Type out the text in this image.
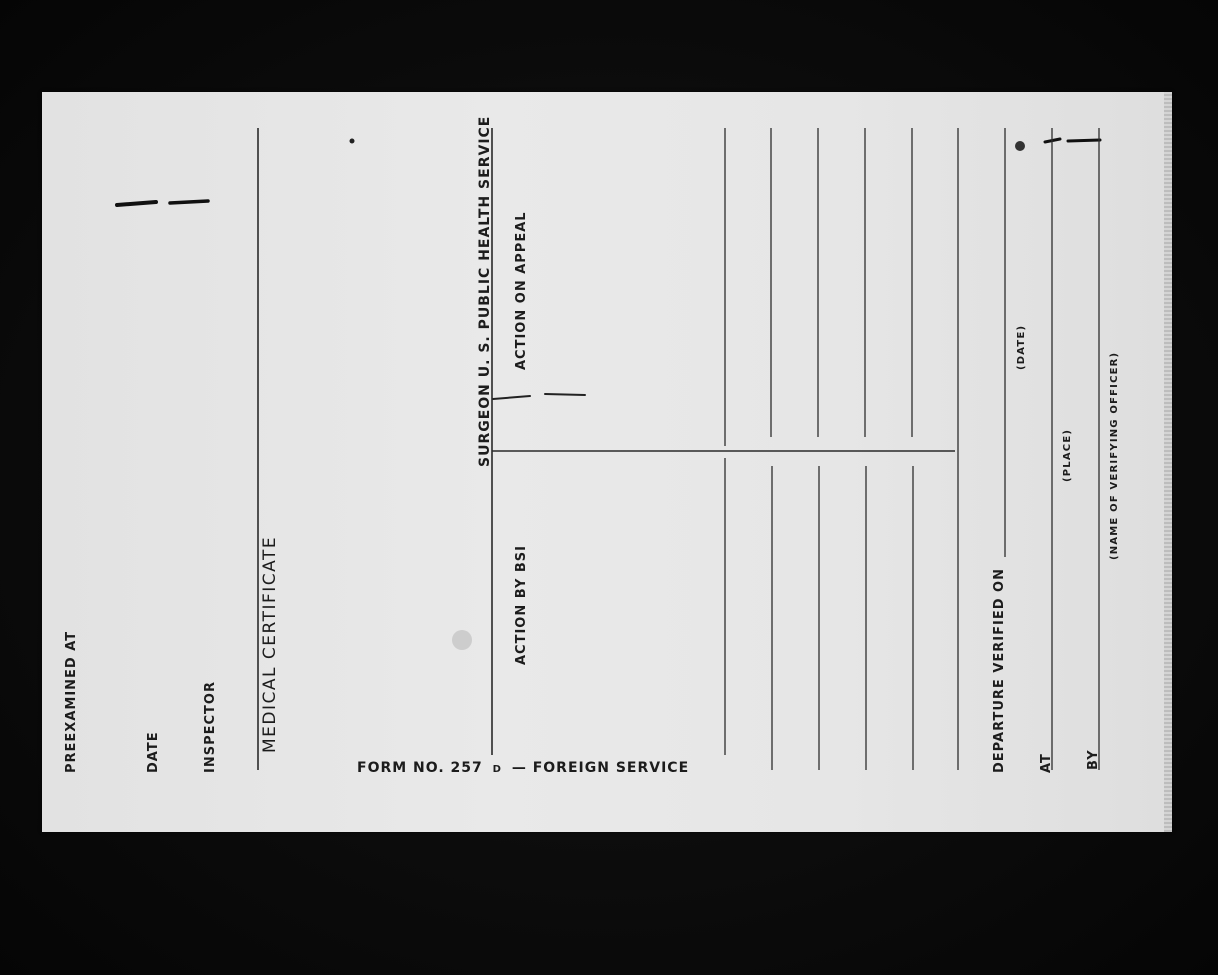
PREEXAMINED AT	DATE	INSPECTOR MEDICAL CERTIFICATE
SURGEON U. S. PUBLIC HEALTH SERVICE ACTION ON APPEAL
ACTION BY BSI	DEPARTURE VERIFIED ON
(DATE)
AT
(PLACE)
BY
(NAME OF VERIFYING OFFICER)
FORM NO. 257 D — FOREIGN SERVICE
